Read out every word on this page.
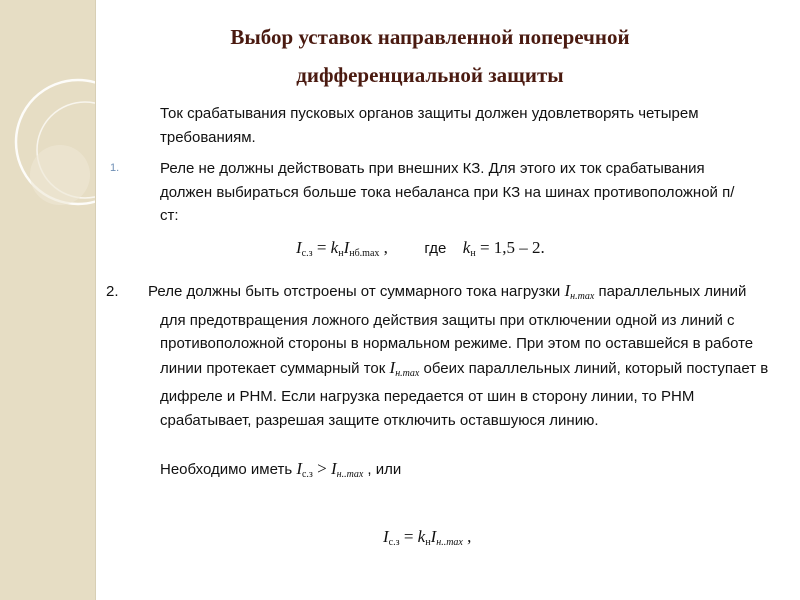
Выбор уставок направленной поперечной
дифференциальной защиты
Ток срабатывания пусковых органов защиты должен удовлетворять четырем требованиям.
1.	Реле не должны действовать при внешних КЗ. Для этого их ток срабатывания должен выбираться больше тока небаланса при КЗ на шинах противоположной п/ст:
$I_{с.з} = k_нI_{нб.max}$ , где $k_н = 1,5 - 2$.
2. Реле должны быть отстроены от суммарного тока нагрузки Iн.max параллельных линий для предотвращения ложного действия защиты при отключении одной из линий с противоположной стороны в нормальном режиме. При этом по оставшейся в работе линии протекает суммарный ток Iн.max обеих параллельных линий, который поступает в дифреле и РНМ. Если нагрузка передается от шин в сторону линии, то РНМ срабатывает, разрешая защите отключить оставшуюся линию.
Необходимо иметь $I_{с.з} > Iн..\max$ , или
$I_{с.з} = k_нIн..\max$ ,
